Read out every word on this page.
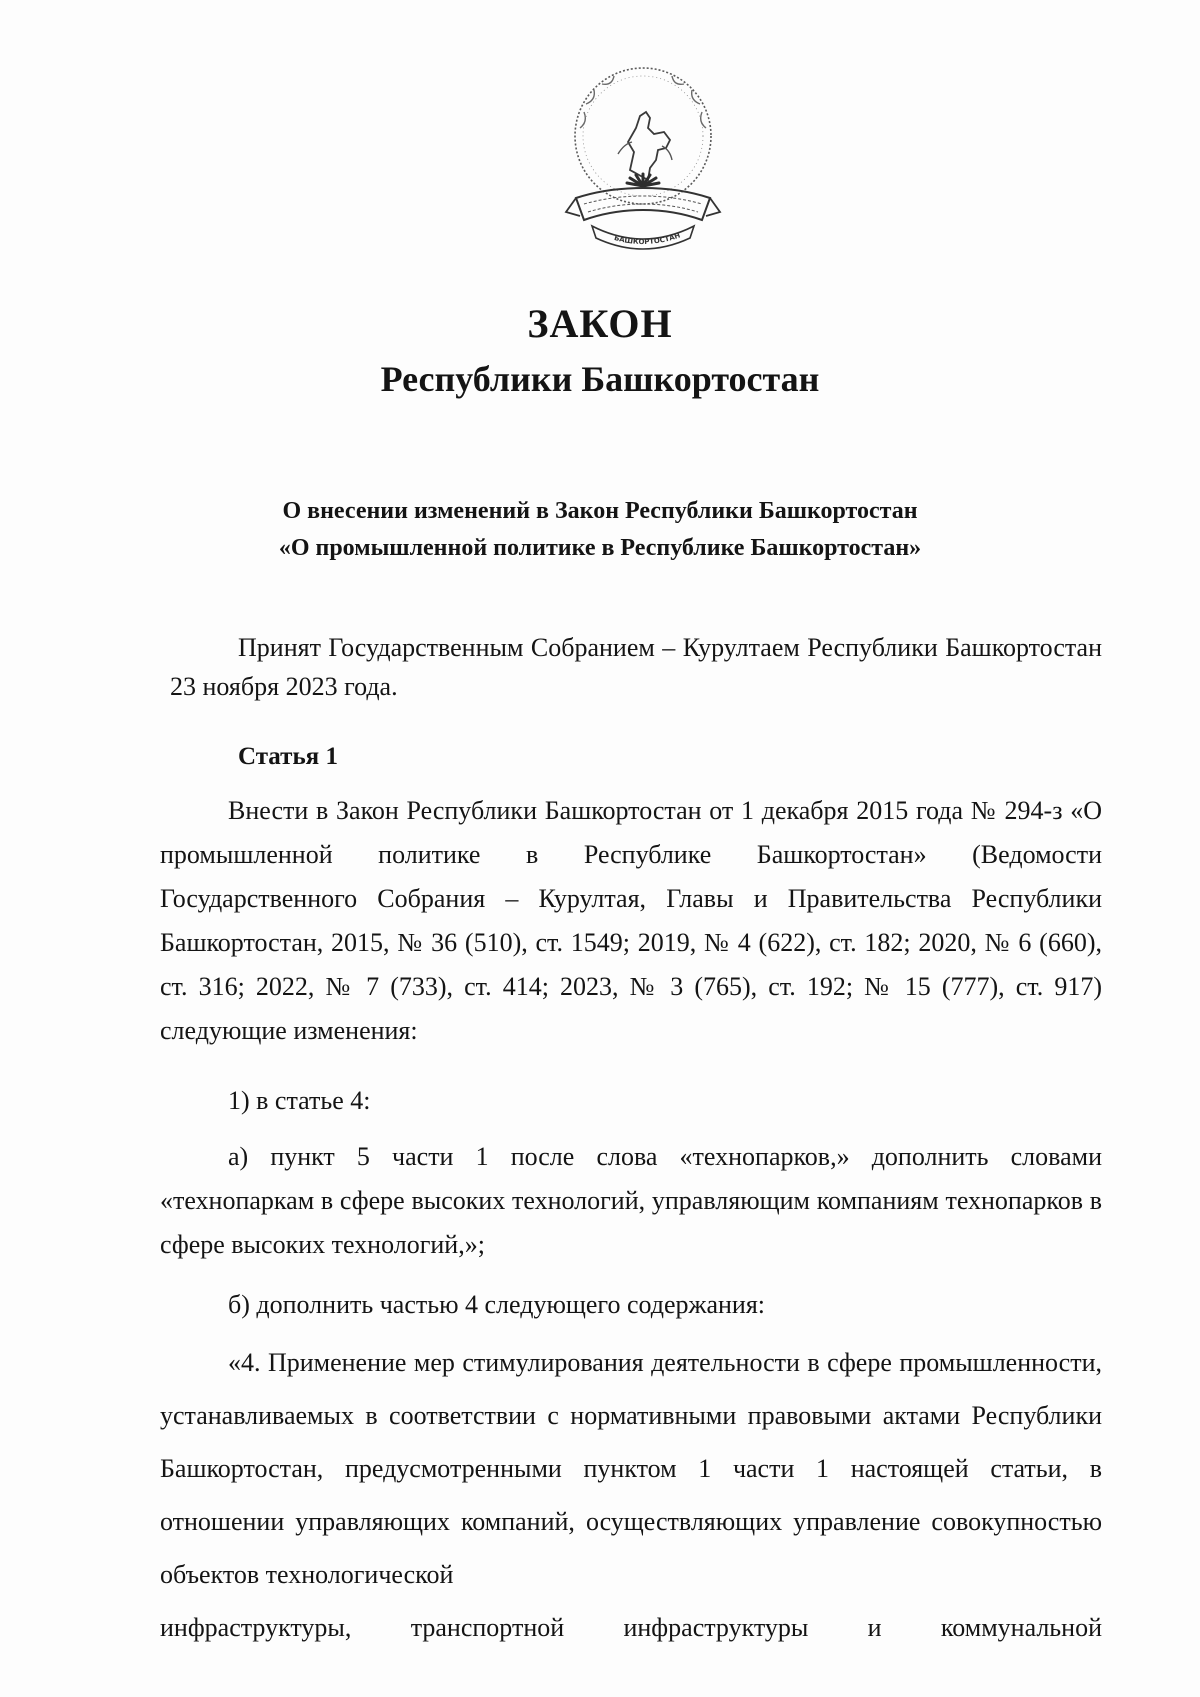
БАШКОРТОСТАН
ЗАКОН
Республики Башкортостан
О внесении изменений в Закон Республики Башкортостан
«О промышленной политике в Республике Башкортостан»

Принят Государственным Собранием – Курултаем Республики Башкортостан 23 ноября 2023 года.

Статья 1

Внести в Закон Республики Башкортостан от 1 декабря 2015 года № 294-з «О промышленной политике в Республике Башкортостан» (Ведомости Государственного Собрания – Курултая, Главы и Правительства Республики Башкортостан, 2015, № 36 (510), ст. 1549; 2019, № 4 (622), ст. 182; 2020, № 6 (660), ст. 316; 2022, № 7 (733), ст. 414; 2023, № 3 (765), ст. 192; № 15 (777), ст. 917) следующие изменения:

1) в статье 4:

а) пункт 5 части 1 после слова «технопарков,» дополнить словами «технопаркам в сфере высоких технологий, управляющим компаниям технопарков в сфере высоких технологий,»;

б) дополнить частью 4 следующего содержания:

«4. Применение мер стимулирования деятельности в сфере промышленности, устанавливаемых в соответствии с нормативными правовыми актами Республики Башкортостан, предусмотренными пунктом 1 части 1 настоящей статьи, в отношении управляющих компаний, осуществляющих управление совокупностью объектов технологической
инфраструктуры, транспортной инфраструктуры и коммунальной
